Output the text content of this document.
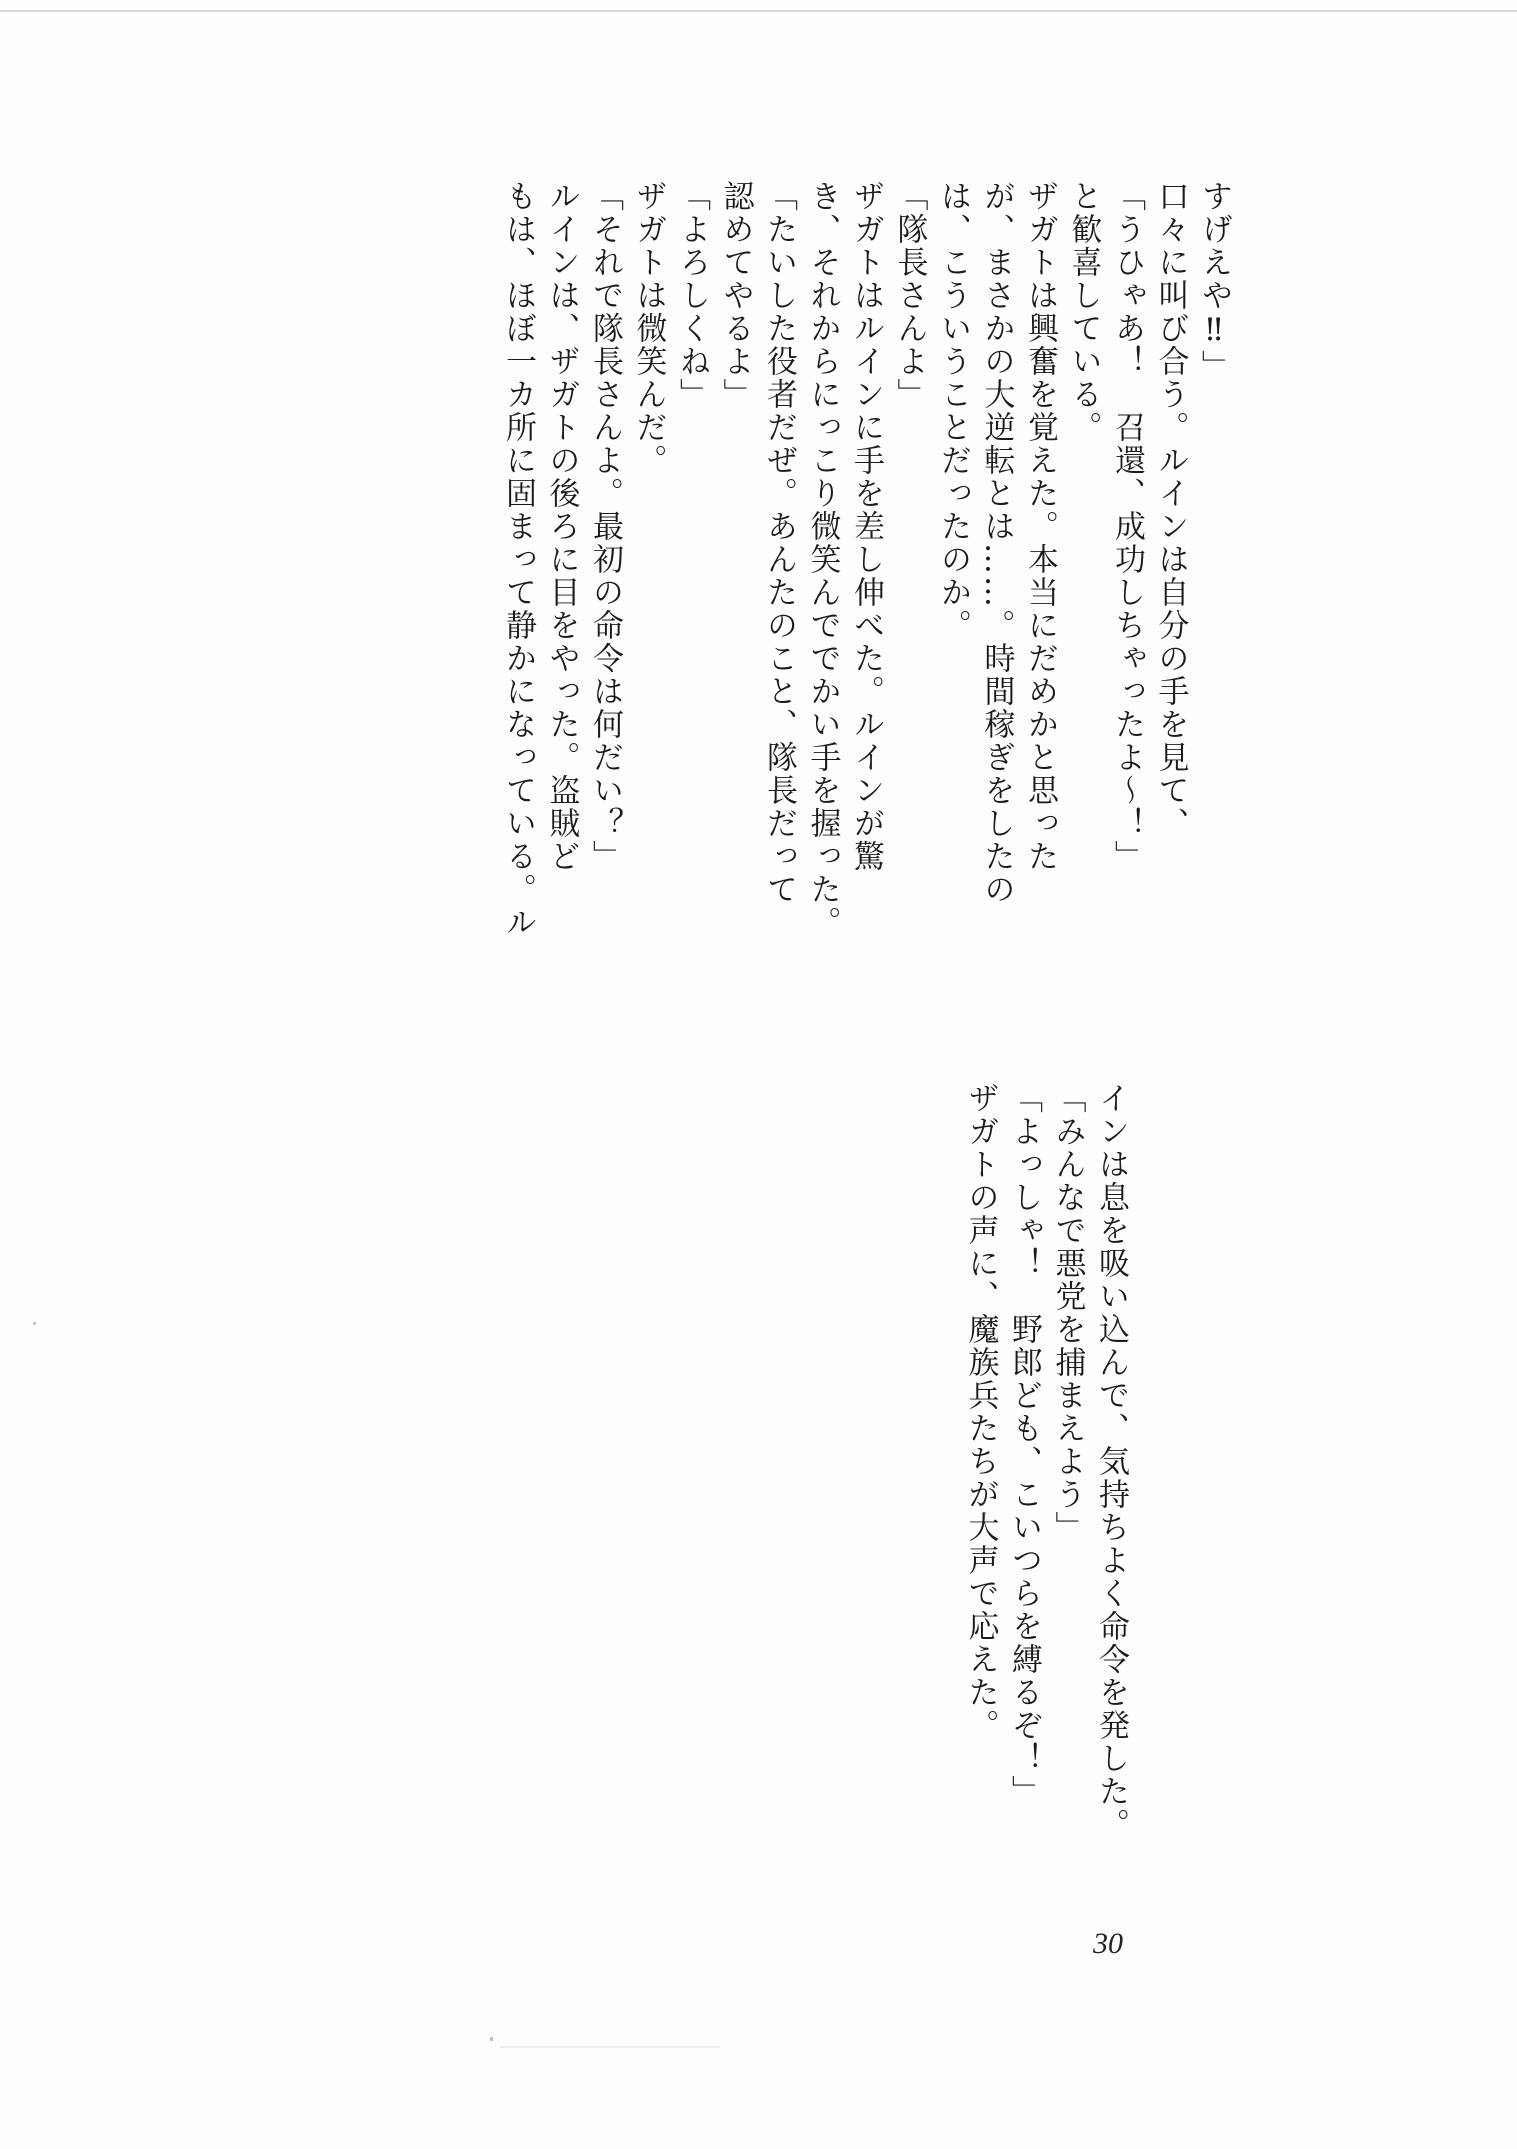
すげえや‼」
口々に叫び合う。ルインは自分の手を見て、
「うひゃあ！　召還、成功しちゃったよ〜！」
と歓喜している。
ザガトは興奮を覚えた。本当にだめかと思った
が、まさかの大逆転とは……。時間稼ぎをしたの
は、こういうことだったのか。
「隊長さんよ」
ザガトはルインに手を差し伸べた。ルインが驚
き、それからにっこり微笑んででかい手を握った。
「たいした役者だぜ。あんたのこと、隊長だって
認めてやるよ」
「よろしくね」
ザガトは微笑んだ。
「それで隊長さんよ。最初の命令は何だい？」
ルインは、ザガトの後ろに目をやった。盗賊ど
もは、ほぼ一カ所に固まって静かになっている。ル
インは息を吸い込んで、気持ちよく命令を発した。
「みんなで悪党を捕まえよう」
「よっしゃ！　野郎ども、こいつらを縛るぞ！」
ザガトの声に、魔族兵たちが大声で応えた。
30
